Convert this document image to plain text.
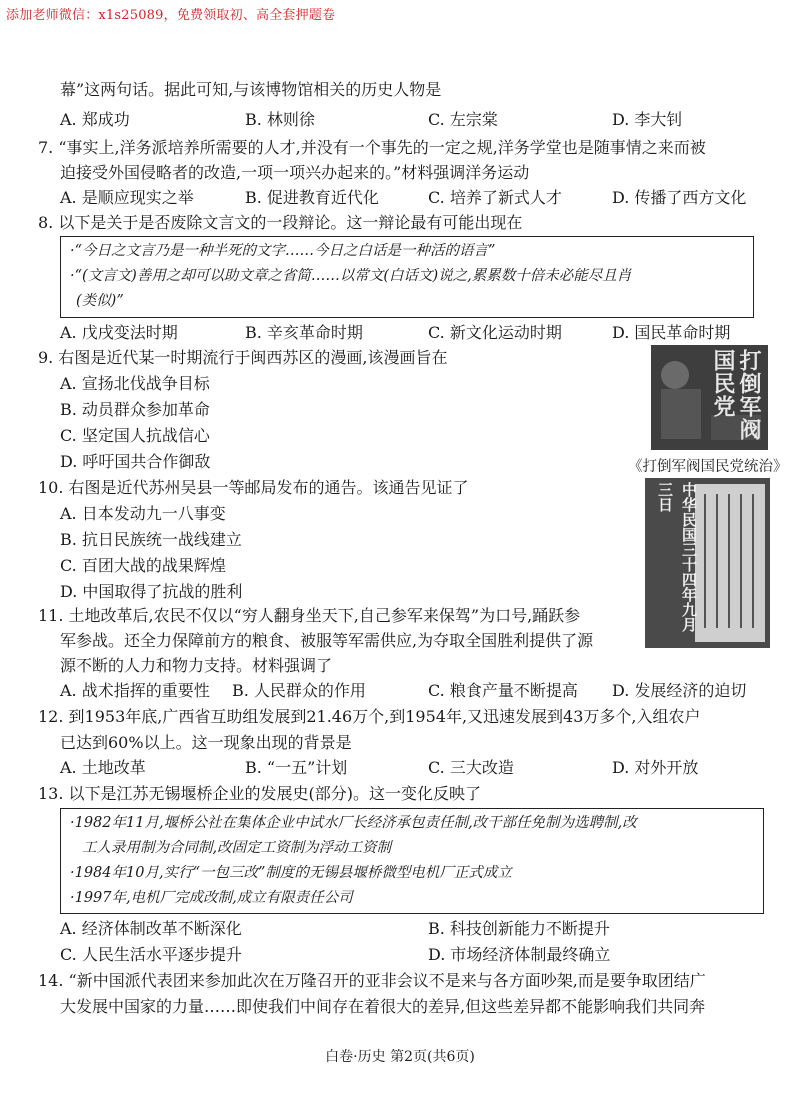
添加老师微信：x1s25089，免费领取初、高全套押题卷
幕”这两句话。据此可知,与该博物馆相关的历史人物是
A. 郑成功	B. 林则徐	C. 左宗棠	D. 李大钊
7. “事实上,洋务派培养所需要的人才,并没有一个事先的一定之规,洋务学堂也是随事情之来而被
迫接受外国侵略者的改造,一项一项兴办起来的。”材料强调洋务运动
A. 是顺应现实之举	B. 促进教育近代化	C. 培养了新式人才	D. 传播了西方文化
8. 以下是关于是否废除文言文的一段辩论。这一辩论最有可能出现在
·“今日之文言乃是一种半死的文字……今日之白话是一种活的语言”
·“(文言文)善用之却可以助文章之省简……以常文(白话文)说之,累累数十倍未必能尽且肖
(类似)”
A. 戊戌变法时期	B. 辛亥革命时期	C. 新文化运动时期	D. 国民革命时期
9. 右图是近代某一时期流行于闽西苏区的漫画,该漫画旨在
A. 宣扬北伐战争目标
B. 动员群众参加革命
C. 坚定国人抗战信心
D. 呼吁国共合作御敌
打倒军阀国民党
《打倒军阀国民党统治》
10. 右图是近代苏州吴县一等邮局发布的通告。该通告见证了
A. 日本发动九一八事变
B. 抗日民族统一战线建立
C. 百团大战的战果辉煌
D. 中国取得了抗战的胜利	中华民国三十四年九月三日
11. 土地改革后,农民不仅以“穷人翻身坐天下,自己参军来保驾”为口号,踊跃参
军参战。还全力保障前方的粮食、被服等军需供应,为夺取全国胜利提供了源
源不断的人力和物力支持。材料强调了
A. 战术指挥的重要性 B. 人民群众的作用	C. 粮食产量不断提高 D. 发展经济的迫切
12. 到1953年底,广西省互助组发展到21.46万个,到1954年,又迅速发展到43万多个,入组农户
已达到60%以上。这一现象出现的背景是
A. 土地改革	B. “一五”计划	C. 三大改造	D. 对外开放
13. 以下是江苏无锡堰桥企业的发展史(部分)。这一变化反映了
·1982年11月,堰桥公社在集体企业中试水厂长经济承包责任制,改干部任免制为选聘制,改
工人录用制为合同制,改固定工资制为浮动工资制
·1984年10月,实行“一包三改”制度的无锡县堰桥微型电机厂正式成立
·1997年,电机厂完成改制,成立有限责任公司
A. 经济体制改革不断深化	B. 科技创新能力不断提升
C. 人民生活水平逐步提升	D. 市场经济体制最终确立
14. “新中国派代表团来参加此次在万隆召开的亚非会议不是来与各方面吵架,而是要争取团结广
大发展中国家的力量……即使我们中间存在着很大的差异,但这些差异都不能影响我们共同奔
白卷·历史 第2页(共6页)
